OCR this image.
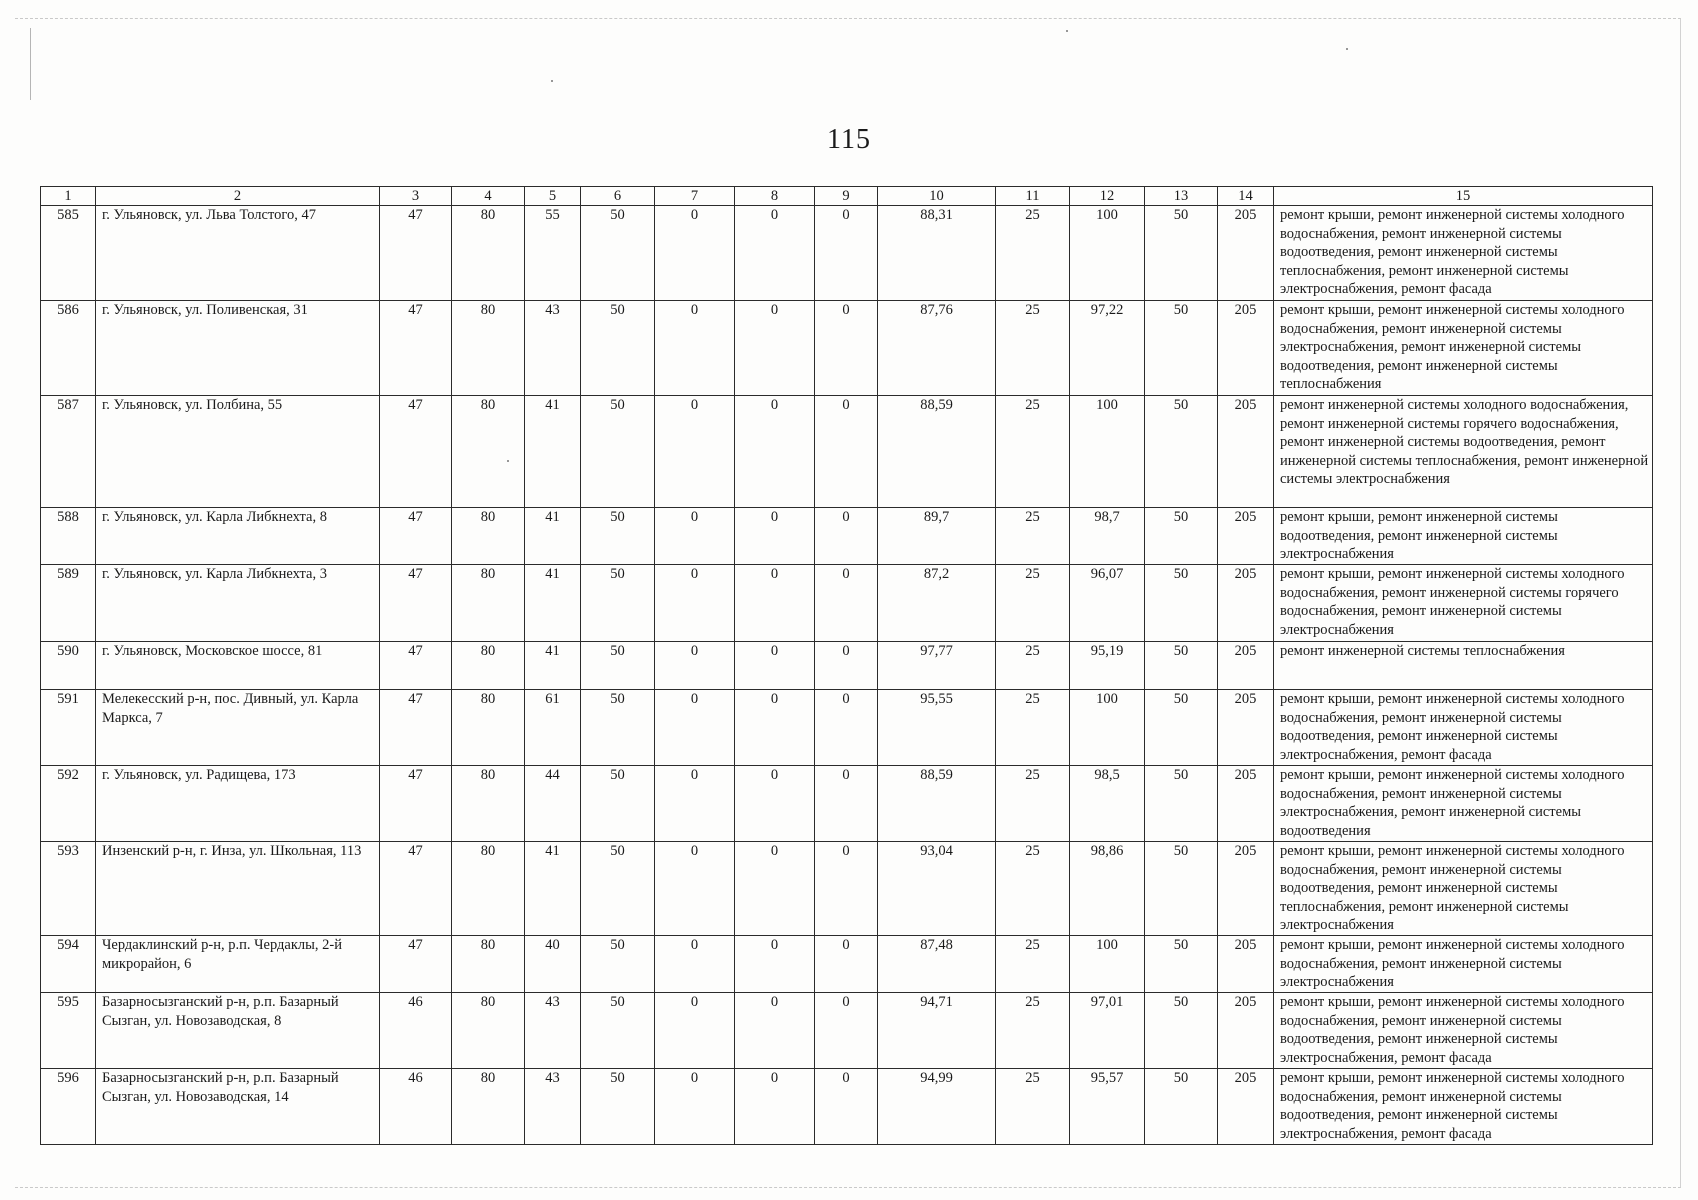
115
1	2	3	4	5	6	7	8	9	10	11	12	13	14	15
585	г. Ульяновск, ул. Льва Толстого, 47	47	80	55	50	0	0	0	88,31	25	100	50	205	ремонт крыши, ремонт инженерной системы холодного водоснабжения, ремонт инженерной системы водоотведения, ремонт инженерной системы теплоснабжения, ремонт инженерной системы электроснабжения, ремонт фасада
586	г. Ульяновск, ул. Поливенская, 31	47	80	43	50	0	0	0	87,76	25	97,22	50	205	ремонт крыши, ремонт инженерной системы холодного водоснабжения, ремонт инженерной системы электроснабжения, ремонт инженерной системы водоотведения, ремонт инженерной системы теплоснабжения
587	г. Ульяновск, ул. Полбина, 55	47	80	41	50	0	0	0	88,59	25	100	50	205	ремонт инженерной системы холодного водоснабжения, ремонт инженерной системы горячего водоснабжения, ремонт инженерной системы водоотведения, ремонт инженерной системы теплоснабжения, ремонт инженерной системы электроснабжения
588	г. Ульяновск, ул. Карла Либкнехта, 8	47	80	41	50	0	0	0	89,7	25	98,7	50	205	ремонт крыши, ремонт инженерной системы водоотведения, ремонт инженерной системы электроснабжения
589	г. Ульяновск, ул. Карла Либкнехта, 3	47	80	41	50	0	0	0	87,2	25	96,07	50	205	ремонт крыши, ремонт инженерной системы холодного водоснабжения, ремонт инженерной системы горячего водоснабжения, ремонт инженерной системы электроснабжения
590	г. Ульяновск, Московское шоссе, 81	47	80	41	50	0	0	0	97,77	25	95,19	50	205	ремонт инженерной системы теплоснабжения
591	Мелекесский р-н, пос. Дивный, ул. Карла Маркса, 7	47	80	61	50	0	0	0	95,55	25	100	50	205	ремонт крыши, ремонт инженерной системы холодного водоснабжения, ремонт инженерной системы водоотведения, ремонт инженерной системы электроснабжения, ремонт фасада
592	г. Ульяновск, ул. Радищева, 173	47	80	44	50	0	0	0	88,59	25	98,5	50	205	ремонт крыши, ремонт инженерной системы холодного водоснабжения, ремонт инженерной системы электроснабжения, ремонт инженерной системы водоотведения
593	Инзенский р-н, г. Инза, ул. Школьная, 113	47	80	41	50	0	0	0	93,04	25	98,86	50	205	ремонт крыши, ремонт инженерной системы холодного водоснабжения, ремонт инженерной системы водоотведения, ремонт инженерной системы теплоснабжения, ремонт инженерной системы электроснабжения
594	Чердаклинский р-н, р.п. Чердаклы, 2-й микрорайон, 6	47	80	40	50	0	0	0	87,48	25	100	50	205	ремонт крыши, ремонт инженерной системы холодного водоснабжения, ремонт инженерной системы электроснабжения
595	Базарносызганский р-н, р.п. Базарный Сызган, ул. Новозаводская, 8	46	80	43	50	0	0	0	94,71	25	97,01	50	205	ремонт крыши, ремонт инженерной системы холодного водоснабжения, ремонт инженерной системы водоотведения, ремонт инженерной системы электроснабжения, ремонт фасада
596	Базарносызганский р-н, р.п. Базарный Сызган, ул. Новозаводская, 14	46	80	43	50	0	0	0	94,99	25	95,57	50	205	ремонт крыши, ремонт инженерной системы холодного водоснабжения, ремонт инженерной системы водоотведения, ремонт инженерной системы электроснабжения, ремонт фасада
